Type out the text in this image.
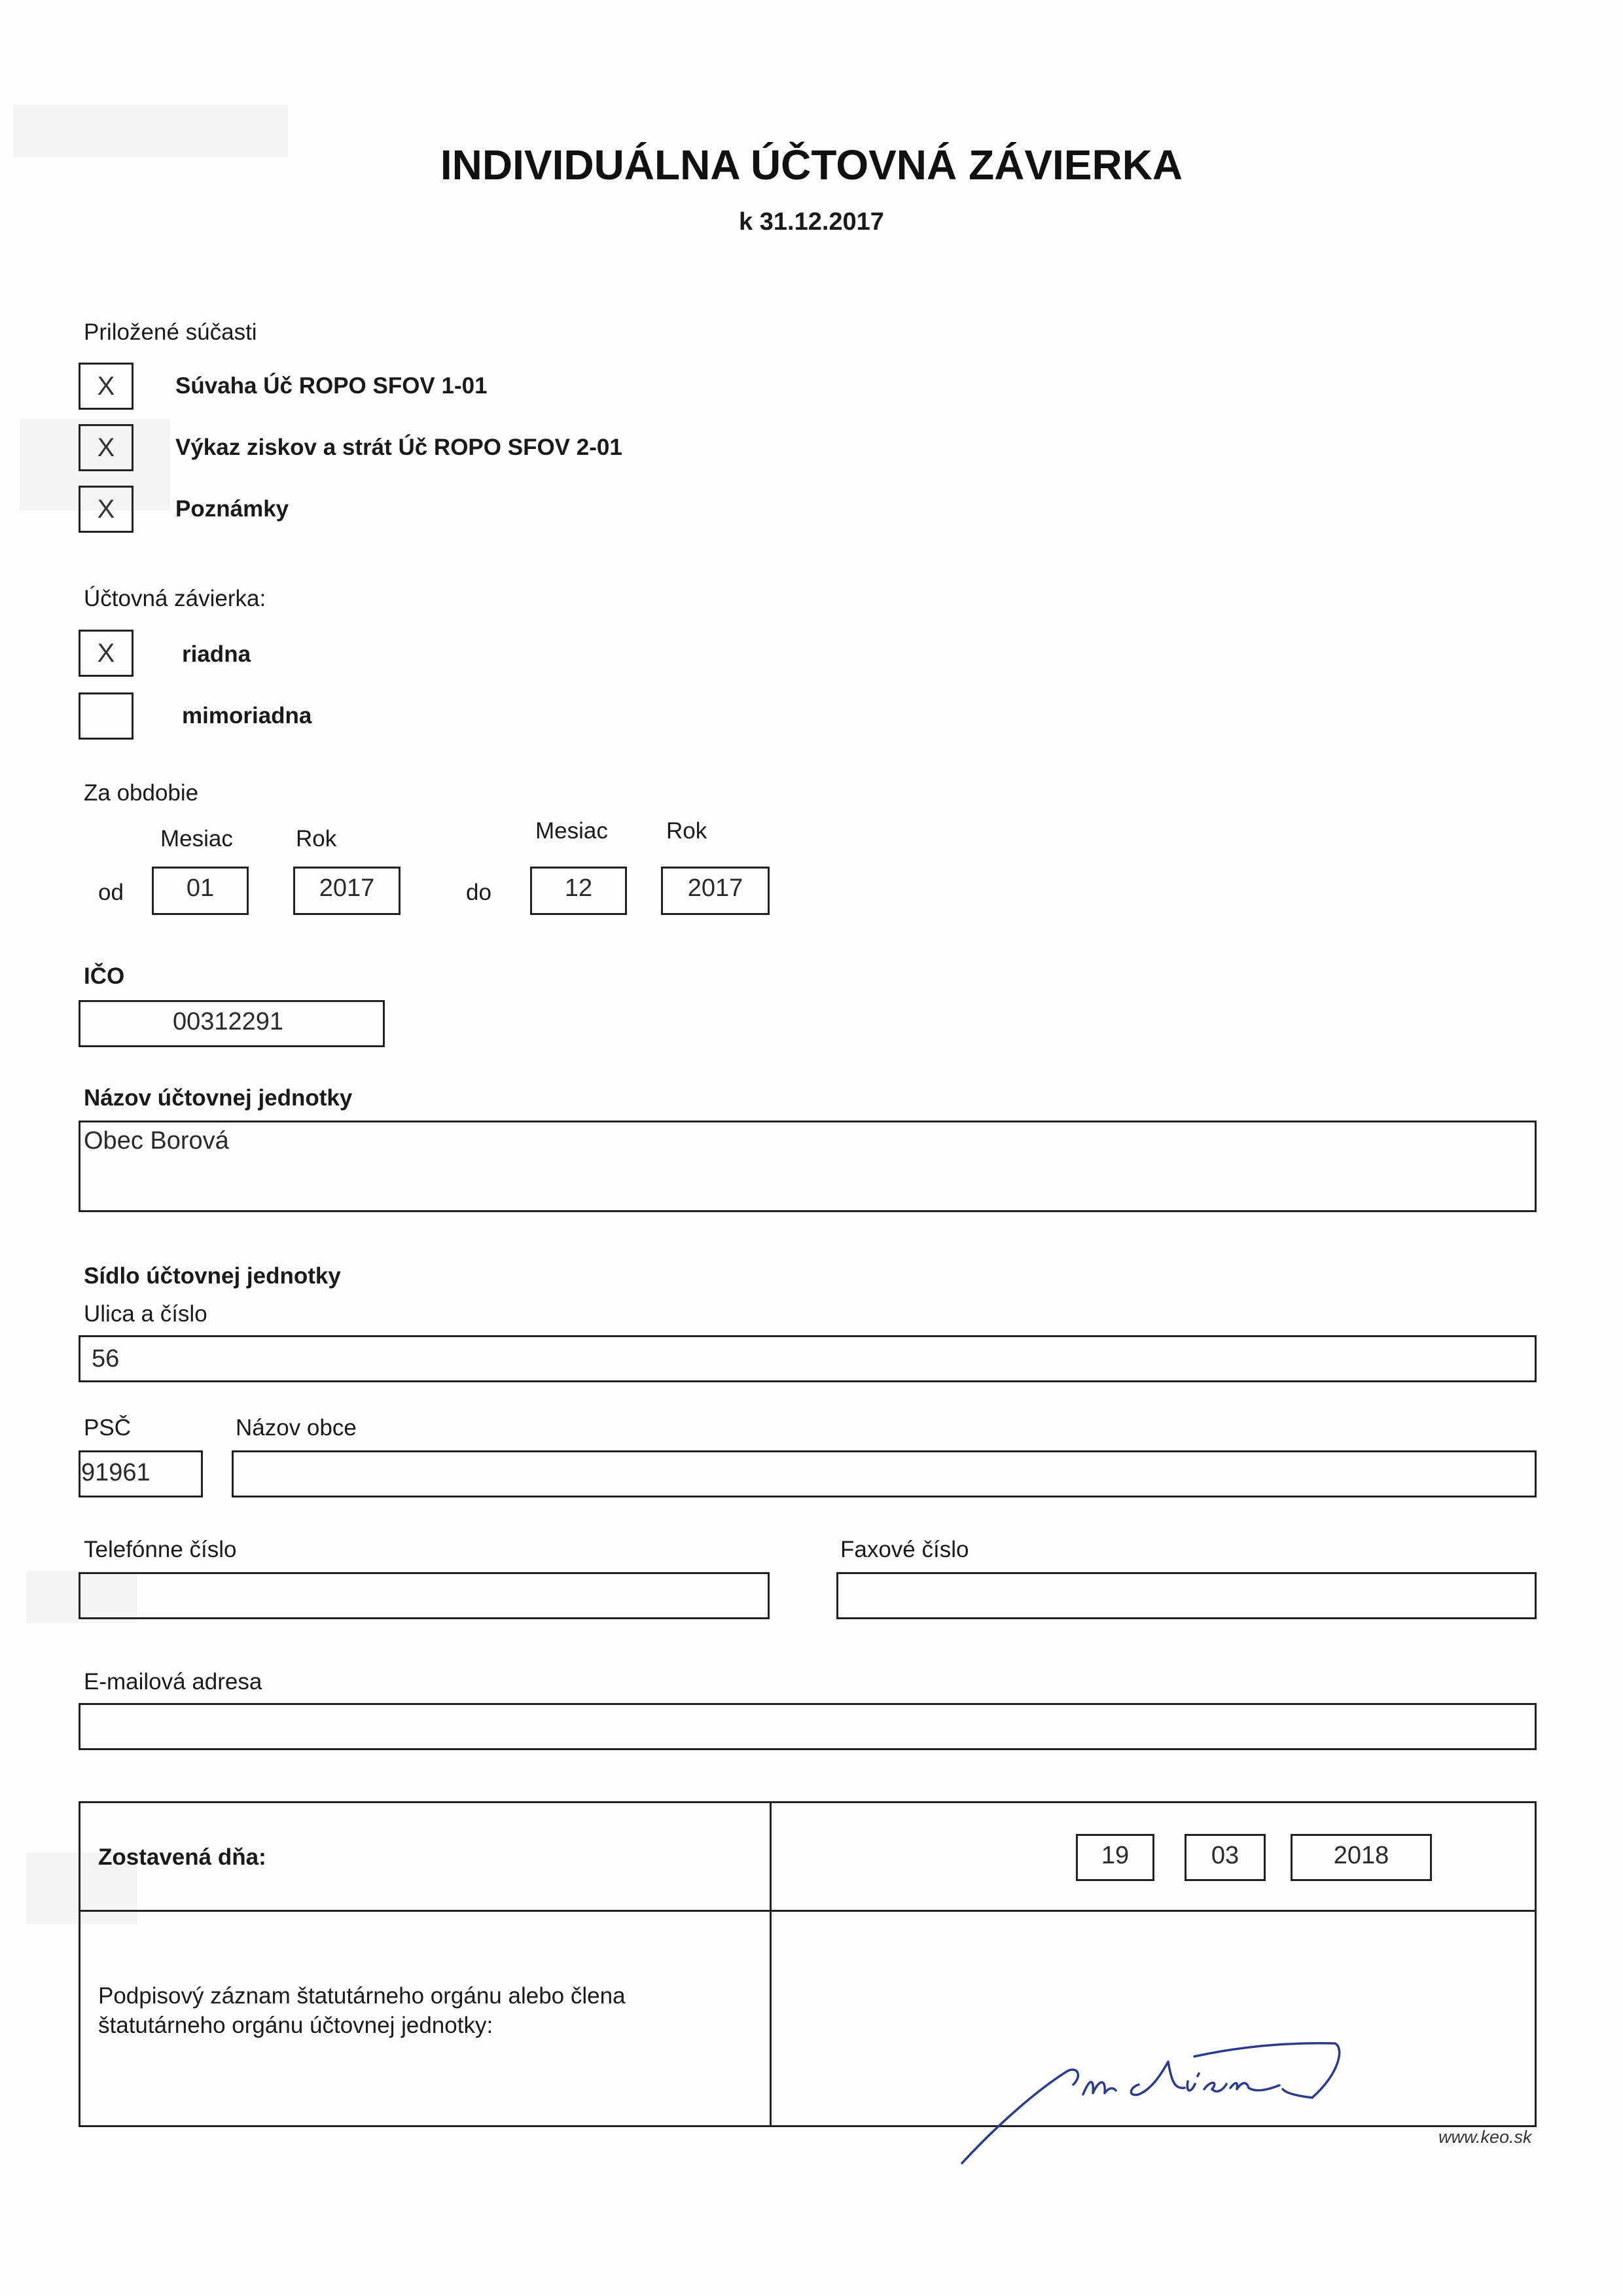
INDIVIDUÁLNA ÚČTOVNÁ ZÁVIERKA
k 31.12.2017
Priložené súčasti
X	Súvaha Úč ROPO SFOV 1-01
X	Výkaz ziskov a strát Úč ROPO SFOV 2-01
X	Poznámky
Účtovná závierka:
X	riadna
mimoriadna
Za obdobie
Mesiac	Rok	Mesiac	Rok
od	01	2017	do	12	2017
IČO
00312291
Názov účtovnej jednotky
Obec Borová
Sídlo účtovnej jednotky
Ulica a číslo
56
PSČ	Názov obce
91961
Telefónne číslo	Faxové číslo
E-mailová adresa
Zostavená dňa:	19	03	2018
Podpisový záznam štatutárneho orgánu alebo člena
štatutárneho orgánu účtovnej jednotky:
www.keo.sk
